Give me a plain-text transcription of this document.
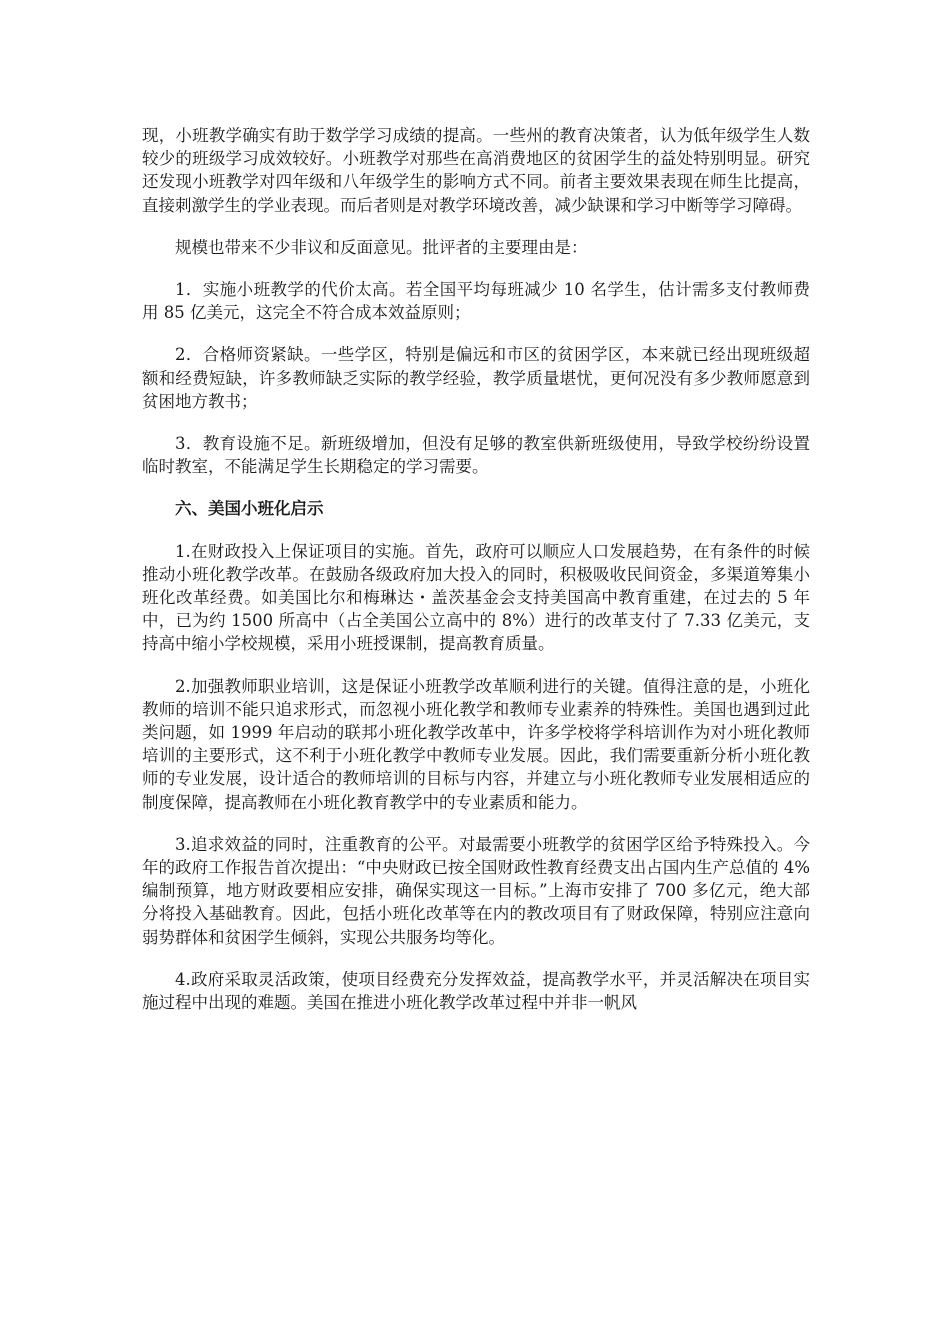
现，小班教学确实有助于数学学习成绩的提高。一些州的教育决策者，认为低年级学生人数较少的班级学习成效较好。小班教学对那些在高消费地区的贫困学生的益处特别明显。研究还发现小班教学对四年级和八年级学生的影响方式不同。前者主要效果表现在师生比提高，直接刺激学生的学业表现。而后者则是对教学环境改善，减少缺课和学习中断等学习障碍。

规模也带来不少非议和反面意见。批评者的主要理由是：

1．实施小班教学的代价太高。若全国平均每班减少 10 名学生，估计需多支付教师费用 85 亿美元，这完全不符合成本效益原则；

2．合格师资紧缺。一些学区，特别是偏远和市区的贫困学区，本来就已经出现班级超额和经费短缺，许多教师缺乏实际的教学经验，教学质量堪忧，更何况没有多少教师愿意到贫困地方教书；

3．教育设施不足。新班级增加，但没有足够的教室供新班级使用，导致学校纷纷设置临时教室，不能满足学生长期稳定的学习需要。

六、美国小班化启示

1.在财政投入上保证项目的实施。首先，政府可以顺应人口发展趋势，在有条件的时候推动小班化教学改革。在鼓励各级政府加大投入的同时，积极吸收民间资金，多渠道筹集小班化改革经费。如美国比尔和梅琳达・盖茨基金会支持美国高中教育重建，在过去的 5 年中，已为约 1500 所高中（占全美国公立高中的 8%）进行的改革支付了 7.33 亿美元，支持高中缩小学校规模，采用小班授课制，提高教育质量。

2.加强教师职业培训，这是保证小班教学改革顺利进行的关键。值得注意的是，小班化教师的培训不能只追求形式，而忽视小班化教学和教师专业素养的特殊性。美国也遇到过此类问题，如 1999 年启动的联邦小班化教学改革中，许多学校将学科培训作为对小班化教师培训的主要形式，这不利于小班化教学中教师专业发展。因此，我们需要重新分析小班化教师的专业发展，设计适合的教师培训的目标与内容，并建立与小班化教师专业发展相适应的制度保障，提高教师在小班化教育教学中的专业素质和能力。

3.追求效益的同时，注重教育的公平。对最需要小班教学的贫困学区给予特殊投入。今年的政府工作报告首次提出：“中央财政已按全国财政性教育经费支出占国内生产总值的 4%编制预算，地方财政要相应安排，确保实现这一目标。”上海市安排了 700 多亿元，绝大部分将投入基础教育。因此，包括小班化改革等在内的教改项目有了财政保障，特别应注意向弱势群体和贫困学生倾斜，实现公共服务均等化。

4.政府采取灵活政策，使项目经费充分发挥效益，提高教学水平，并灵活解决在项目实施过程中出现的难题。美国在推进小班化教学改革过程中并非一帆风
